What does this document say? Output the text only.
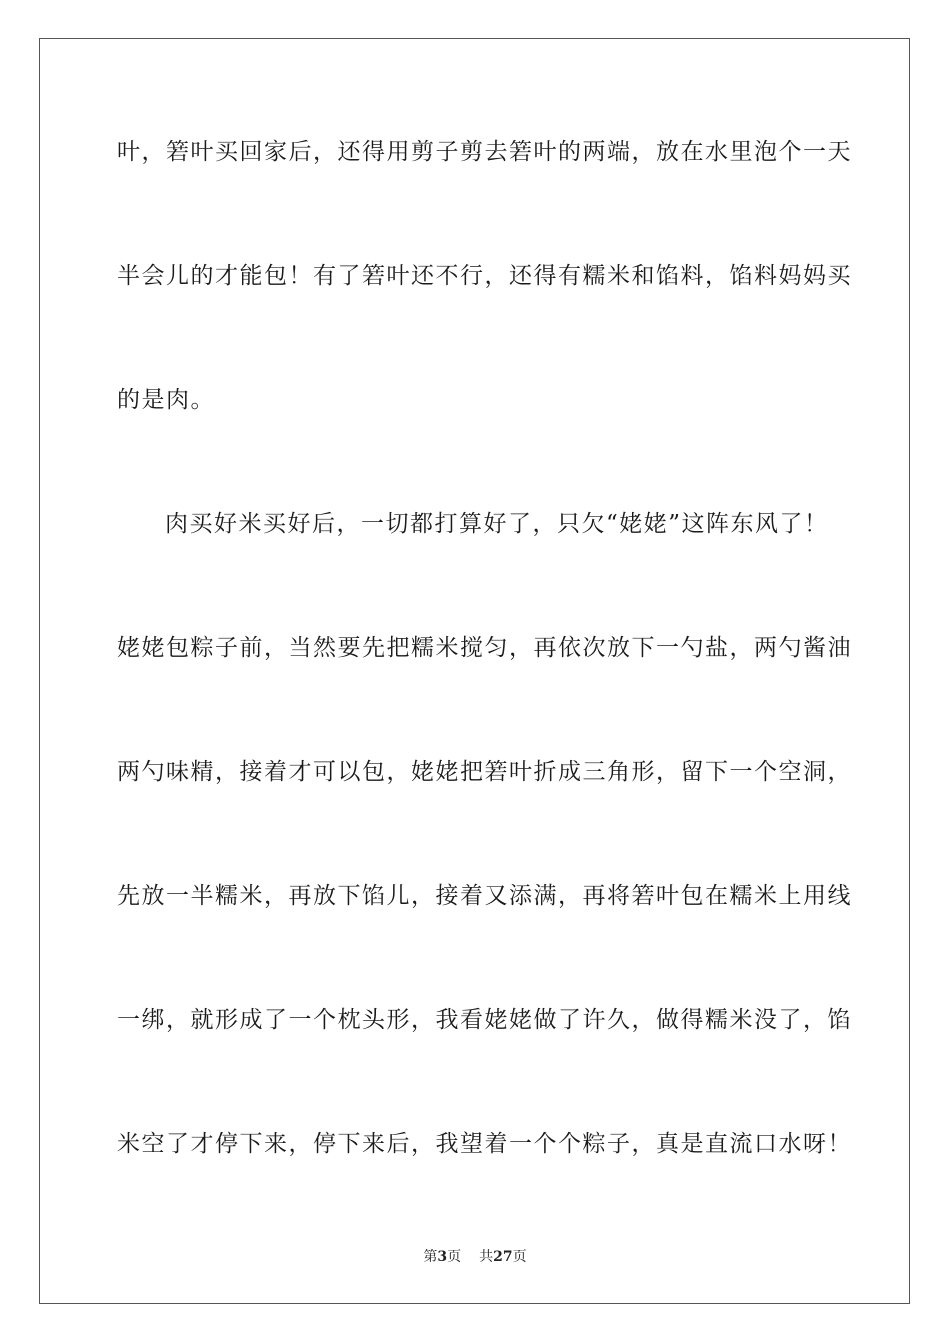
叶，箬叶买回家后，还得用剪子剪去箬叶的两端，放在水里泡个一天
半会儿的才能包！有了箬叶还不行，还得有糯米和馅料，馅料妈妈买
的是肉。
肉买好米买好后，一切都打算好了，只欠“姥姥”这阵东风了！
姥姥包粽子前，当然要先把糯米搅匀，再依次放下一勺盐，两勺酱油
两勺味精，接着才可以包，姥姥把箬叶折成三角形，留下一个空洞，
先放一半糯米，再放下馅儿，接着又添满，再将箬叶包在糯米上用线
一绑，就形成了一个枕头形，我看姥姥做了许久，做得糯米没了，馅
米空了才停下来，停下来后，我望着一个个粽子，真是直流口水呀！
第3页 共27页
